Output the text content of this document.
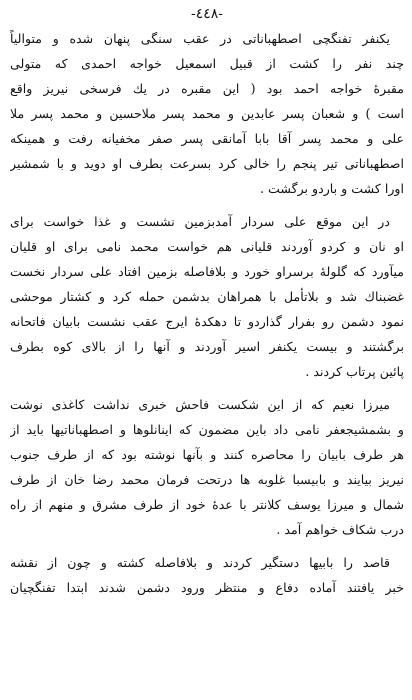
-٤٤٨-
یکنفر تفنگچی اصطهباناتی در عقب سنگی پنهان شده و متوالیاً
چند نفر را کشت از قبیل اسمعیل خواجه احمدی که متولی
مقبرهٔ خواجه احمد بود ( این مقبره در یك فرسخی نیریز واقع
است ) و شعبان پسر عابدین و محمد پسر ملاحسین و محمد پسر ملا
علی و محمد پسر آقا بابا آمانقی پسر صفر مخفیانه رفت و همینکه
اصطهباناتی تیر پنجم را خالی کرد بسرعت بطرف او دوید و با شمشیر
اورا کشت و باردو برگشت .
در این موقع علی سردار آمدبزمین نشست و غذا خواست برای
او نان و کردو آوردند قلیانی هم خواست محمد نامی برای او قلیان
میآورد که گلولهٔ برسراو خورد و بلافاصله بزمین افتاد علی سردار نخست
غضبناك شد و بلاتأمل با همراهان بدشمن حمله کرد و کشتار موحشی
نمود دشمن رو بفرار گذاردو تا دهکدهٔ ایرج عقب نشست بابیان فاتحانه
برگشتند و بیست یکنفر اسیر آوردند و آنها را از بالای کوه بطرف
پائین پرتاب کردند .
میرزا نعیم که از این شکست فاحش خبری نداشت کاغذی نوشت
و بشمشیجعفر نامی داد باین مضمون که اینانلوها و اصطهباناتیها باید از
هر طرف بابیان را محاصره کنند و بآنها نوشته بود که از طرف جنوب
نیریز بیایند و بابیسبا غلوبه ها درتحت فرمان محمد رضا خان از طرف
شمال و میرزا یوسف کلانتر با عدهٔ خود از طرف مشرق و منهم از راه
درب شکاف خواهم آمد .
قاصد را بابیها دستگیر کردند و بلافاصله کشته و چون از نقشه
خبر یافتند آماده دفاع و منتظر ورود دشمن شدند ابتدا تفنگچیان
